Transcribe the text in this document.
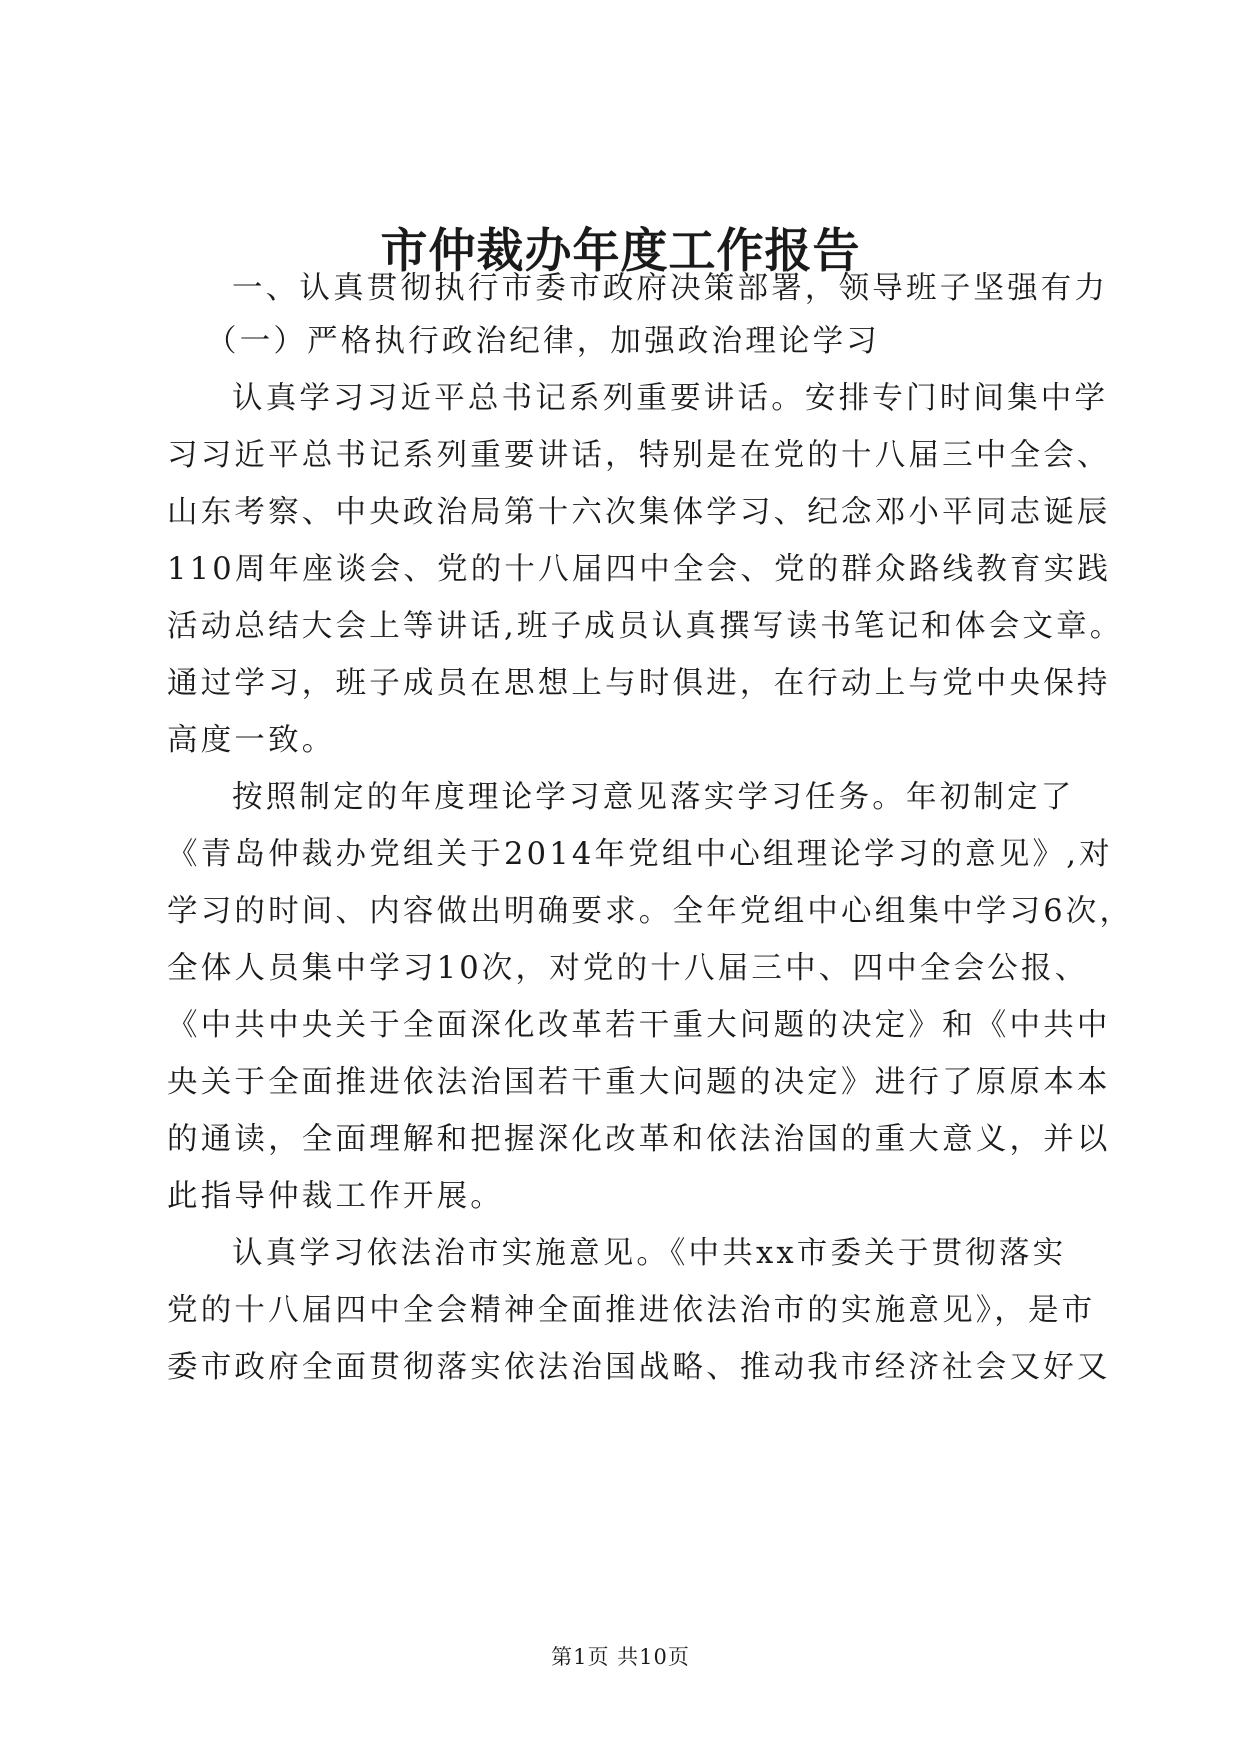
市仲裁办年度工作报告
一、认真贯彻执行市委市政府决策部署，领导班子坚强有力
（一）严格执行政治纪律，加强政治理论学习
认真学习习近平总书记系列重要讲话。安排专门时间集中学
习习近平总书记系列重要讲话，特别是在党的十八届三中全会、
山东考察、中央政治局第十六次集体学习、纪念邓小平同志诞辰
110周年座谈会、党的十八届四中全会、党的群众路线教育实践
活动总结大会上等讲话,班子成员认真撰写读书笔记和体会文章。
通过学习，班子成员在思想上与时俱进，在行动上与党中央保持
高度一致。
按照制定的年度理论学习意见落实学习任务。年初制定了
《青岛仲裁办党组关于2014年党组中心组理论学习的意见》,对
学习的时间、内容做出明确要求。全年党组中心组集中学习6次，
全体人员集中学习10次，对党的十八届三中、四中全会公报、
《中共中央关于全面深化改革若干重大问题的决定》和《中共中
央关于全面推进依法治国若干重大问题的决定》进行了原原本本
的通读，全面理解和把握深化改革和依法治国的重大意义，并以
此指导仲裁工作开展。
认真学习依法治市实施意见。《中共xx市委关于贯彻落实
党的十八届四中全会精神全面推进依法治市的实施意见》，是市
委市政府全面贯彻落实依法治国战略、推动我市经济社会又好又
第1页 共10页
